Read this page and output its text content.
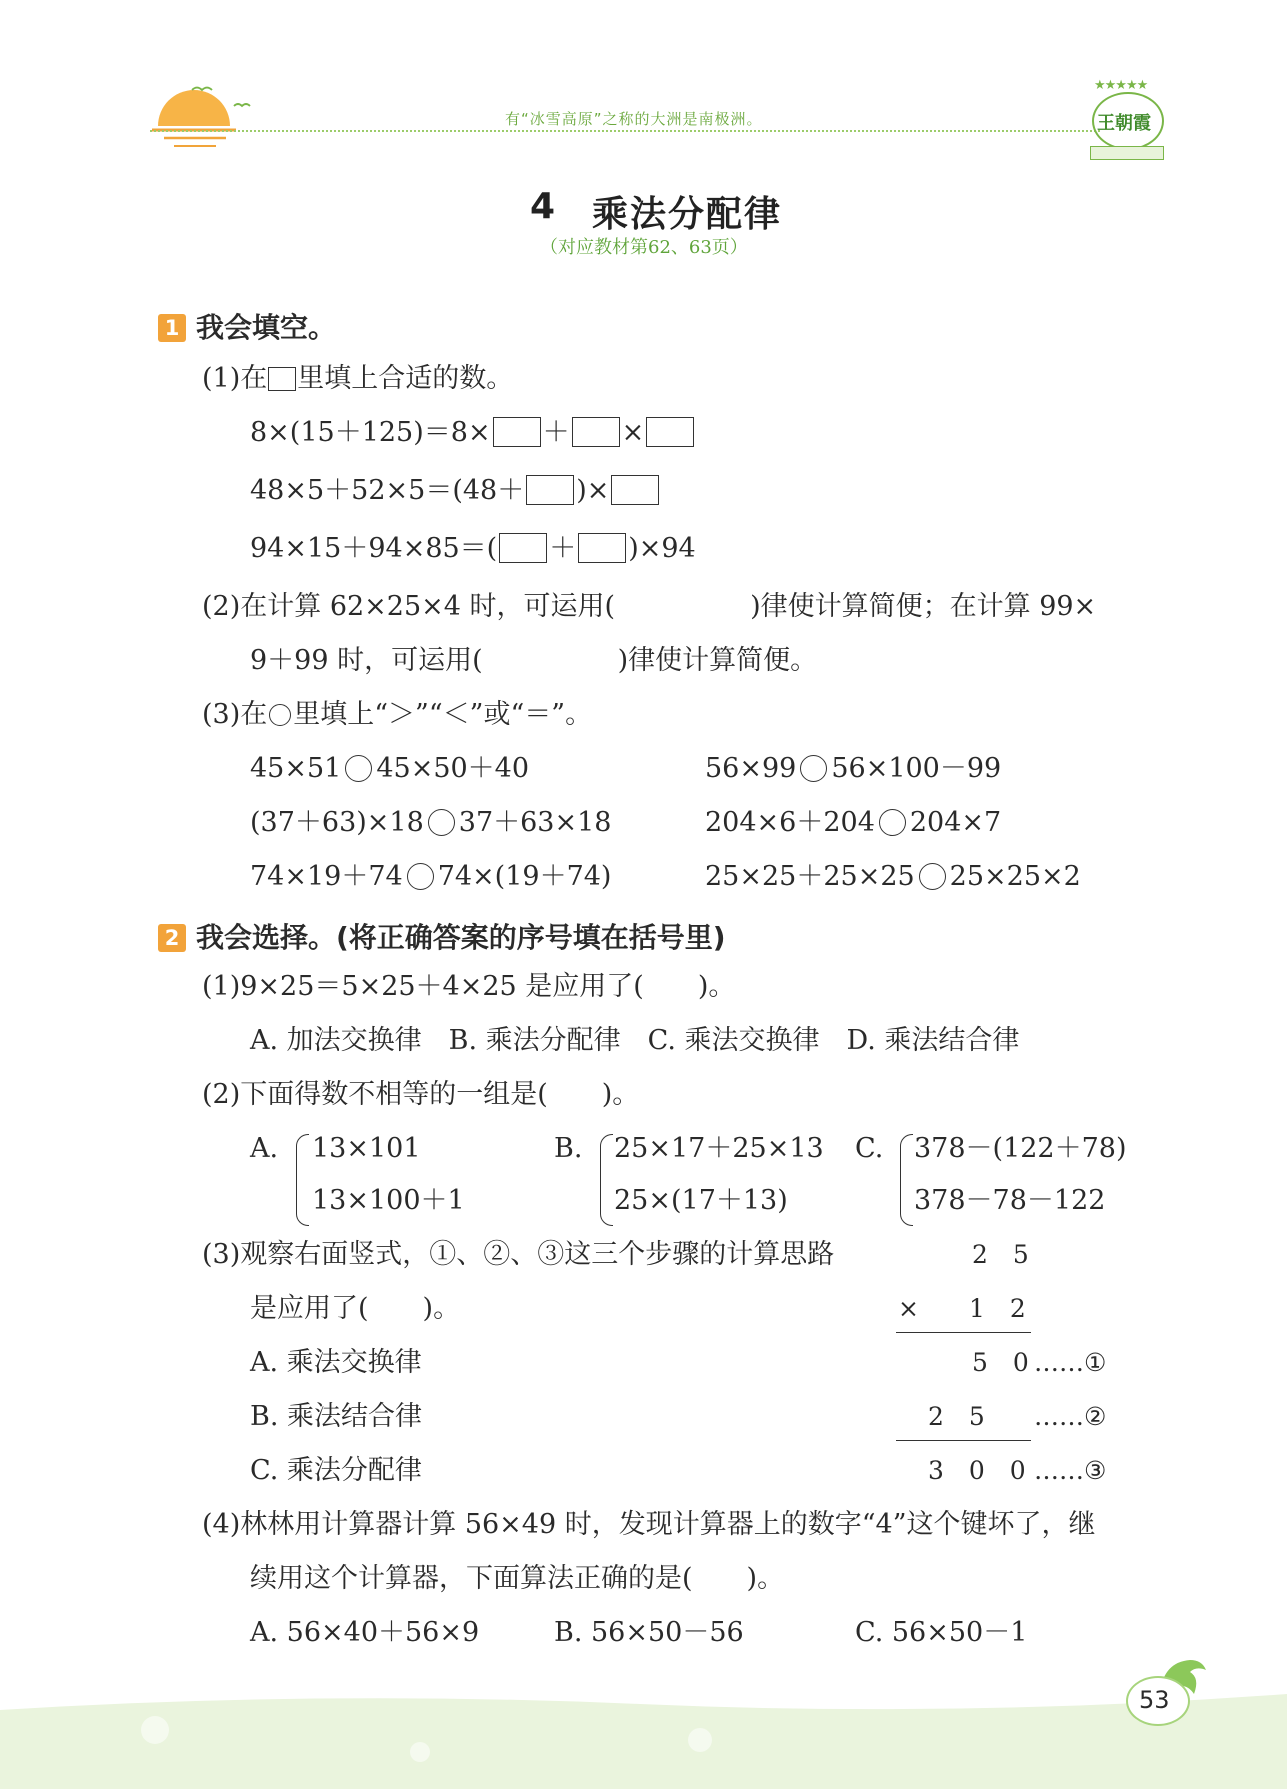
有“冰雪高原”之称的大洲是南极洲。
★★★★★
王朝霞
4 乘法分配律
（对应教材第62、63页）
1 我会填空。
(1)在 里填上合适的数。
8×(15＋125)＝8× ＋ ×
48×5＋52×5＝(48＋ )×
94×15＋94×85＝( ＋ )×94
(2)在计算 62×25×4 时，可运用(　　　　　)律使计算简便；在计算 99×
9＋99 时，可运用(　　　　　)律使计算简便。
(3)在 里填上“＞”“＜”或“＝”。
45×51 45×50＋40	56×99 56×100－99
(37＋63)×18 37＋63×18	204×6＋204 204×7
74×19＋74 74×(19＋74)	25×25＋25×25 25×25×2
2 我会选择。(将正确答案的序号填在括号里)
(1)9×25＝5×25＋4×25 是应用了(　　)。
A. 加法交换律　B. 乘法分配律　C. 乘法交换律　D. 乘法结合律
(2)下面得数不相等的一组是(　　)。
A. 13×101
13×100＋1
B. 25×17＋25×13
25×(17＋13)
C. 378－(122＋78)
378－78－122
(3)观察右面竖式，①、②、③这三个步骤的计算思路
是应用了(　　)。
A. 乘法交换律
B. 乘法结合律
C. 乘法分配律
2　5
×　　1　2
5　0 ……①
2　5 ……②
3　0　0 ……③
(4)林林用计算器计算 56×49 时，发现计算器上的数字“4”这个键坏了，继
续用这个计算器，下面算法正确的是(　　)。
A. 56×40＋56×9	B. 56×50－56	C. 56×50－1
53
